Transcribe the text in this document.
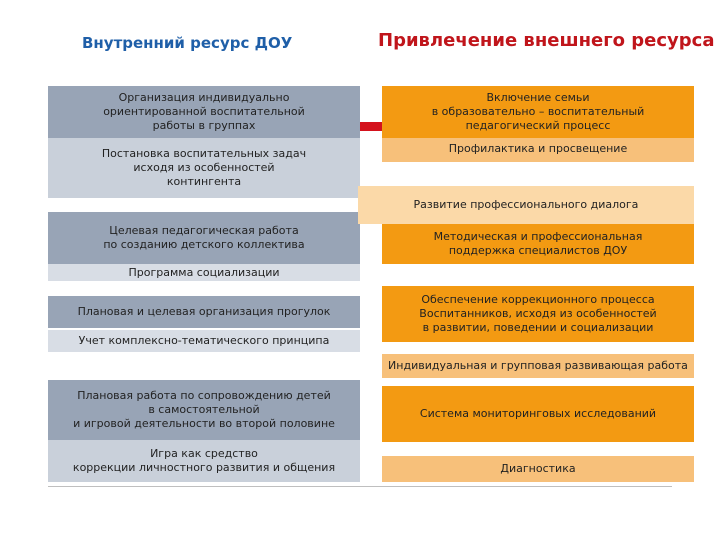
Внутренний ресурс ДОУ	Привлечение внешнего ресурса
Организация индивидуально
ориентированной воспитательной
работы в группах
Постановка воспитательных задач
исходя из особенностей
контингента
Целевая педагогическая работа
по созданию детского коллектива
Программа социализации
Плановая и целевая организация прогулок
Учет комплексно-тематического принципа
Плановая работа по сопровождению детей
в самостоятельной
и игровой деятельности во второй половине
Игра как средство
коррекции личностного развития и общения
Включение семьи
в образовательно – воспитательный
педагогический процесс
Профилактика и просвещение
Развитие профессионального диалога
Методическая и профессиональная
поддержка специалистов ДОУ
Обеспечение коррекционного процесса
Воспитанников, исходя из особенностей
в развитии, поведении и социализации
Индивидуальная и групповая развивающая работа
Система мониторинговых исследований
Диагностика
